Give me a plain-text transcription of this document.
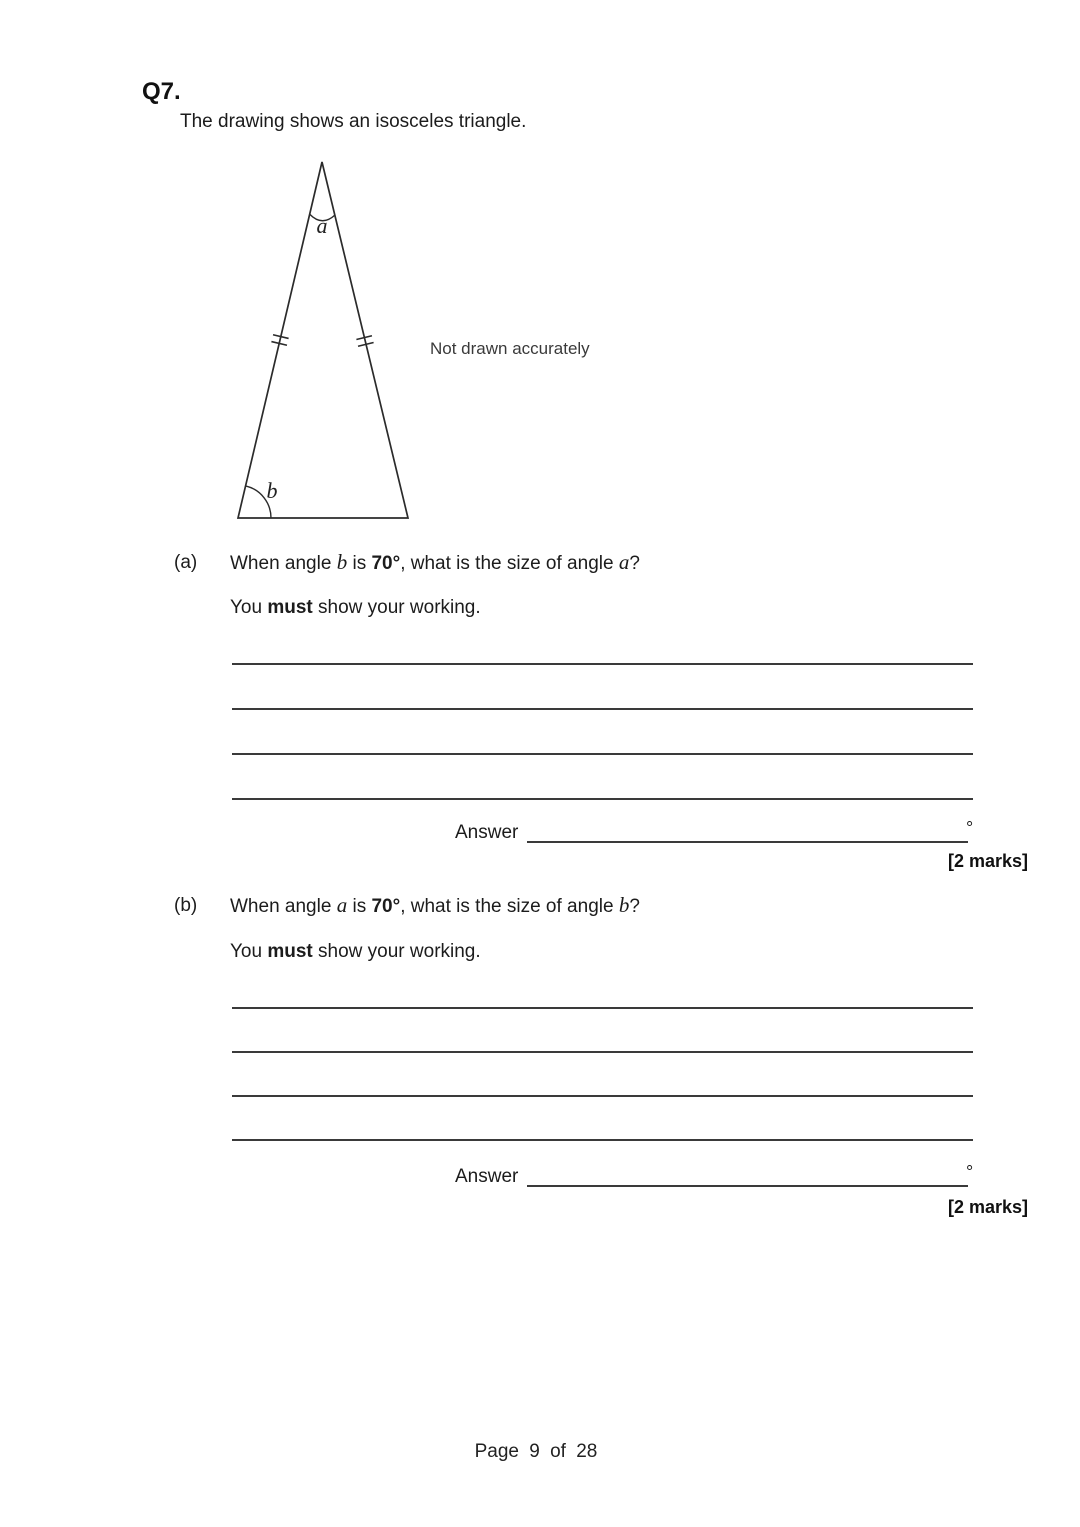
Q7.
The drawing shows an isosceles triangle.
a
b
Not drawn accurately
(a) When angle b is 70°, what is the size of angle a?
You must show your working.
Answer	°
[2 marks]
(b) When angle a is 70°, what is the size of angle b?
You must show your working.
Answer	°
[2 marks]
Page 9 of 28
